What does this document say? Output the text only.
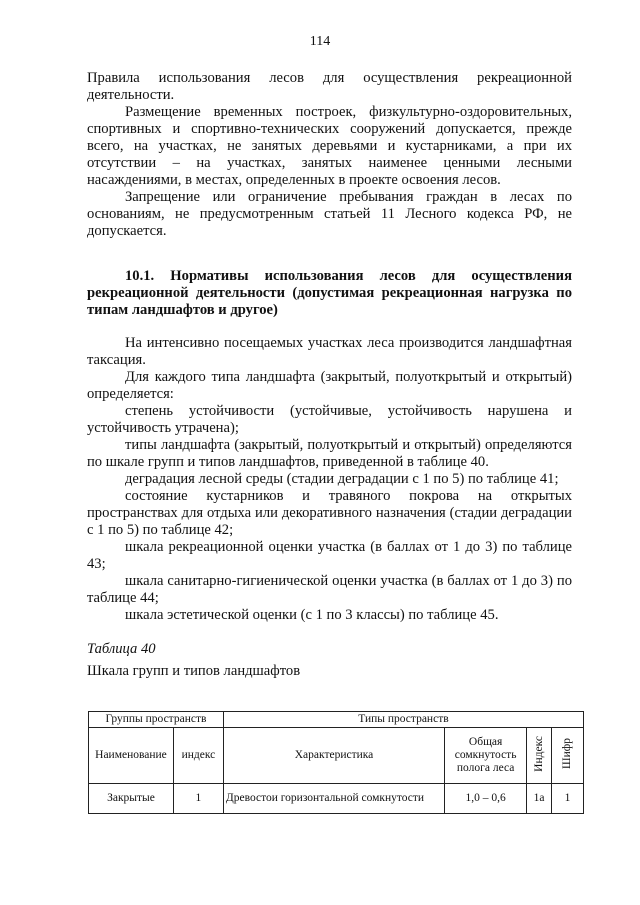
114

Правила использования лесов для осуществления рекреационной деятельности.

Размещение временных построек, физкультурно-оздоровительных, спортивных и спортивно-технических сооружений допускается, прежде всего, на участках, не занятых деревьями и кустарниками, а при их отсутствии – на участках, занятых наименее ценными лесными насаждениями, в местах, определенных в проекте освоения лесов.

Запрещение или ограничение пребывания граждан в лесах по основаниям, не предусмотренным статьей 11 Лесного кодекса РФ, не допускается.

10.1. Нормативы использования лесов для осуществления рекреационной деятельности (допустимая рекреационная нагрузка по типам ландшафтов и другое)

На интенсивно посещаемых участках леса производится ландшафтная таксация.

Для каждого типа ландшафта (закрытый, полуоткрытый и открытый) определяется:

степень устойчивости (устойчивые, устойчивость нарушена и устойчивость утрачена);

типы ландшафта (закрытый, полуоткрытый и открытый) определяются по шкале групп и типов ландшафтов, приведенной в таблице 40.

деградация лесной среды (стадии деградации с 1 по 5) по таблице 41;

состояние кустарников и травяного покрова на открытых пространствах для отдыха или декоративного назначения (стадии деградации с 1 по 5) по таблице 42;

шкала рекреационной оценки участка (в баллах от 1 до 3) по таблице 43;

шкала санитарно-гигиенической оценки участка (в баллах от 1 до 3) по таблице 44;

шкала эстетической оценки (с 1 по 3 классы) по таблице 45.

Таблица 40

Шкала групп и типов ландшафтов

Группы пространств		Типы пространств			
Наименование	индекс	Характеристика	Общая сомкнутость полога леса	Индекс	Шифр
Закрытые	1	Древостои горизонтальной сомкнутости	1,0 – 0,6	1а	1
